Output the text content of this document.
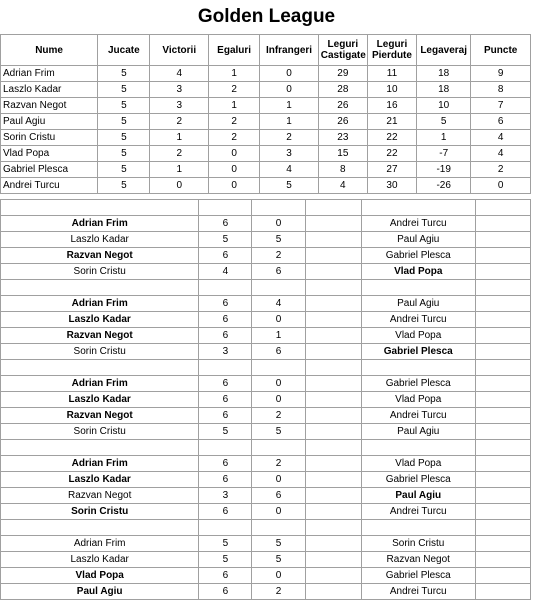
Golden League
Nume	Jucate	Victorii	Egaluri	Infrangeri	Leguri Castigate	Leguri Pierdute	Legaveraj	Puncte
Adrian Frim	5	4	1	0	29	11	18	9
Laszlo Kadar	5	3	2	0	28	10	18	8
Razvan Negot	5	3	1	1	26	16	10	7
Paul Agiu	5	2	2	1	26	21	5	6
Sorin Cristu	5	1	2	2	23	22	1	4
Vlad Popa	5	2	0	3	15	22	-7	4
Gabriel Plesca	5	1	0	4	8	27	-19	2
Andrei Turcu	5	0	0	5	4	30	-26	0

Adrian Frim	6	0		Andrei Turcu	
Laszlo Kadar	5	5		Paul Agiu	
Razvan Negot	6	2		Gabriel Plesca	
Sorin Cristu	4	6		Vlad Popa	

Adrian Frim	6	4		Paul Agiu	
Laszlo Kadar	6	0		Andrei Turcu	
Razvan Negot	6	1		Vlad Popa	
Sorin Cristu	3	6		Gabriel Plesca	

Adrian Frim	6	0		Gabriel Plesca	
Laszlo Kadar	6	0		Vlad Popa	
Razvan Negot	6	2		Andrei Turcu	
Sorin Cristu	5	5		Paul Agiu	

Adrian Frim	6	2		Vlad Popa	
Laszlo Kadar	6	0		Gabriel Plesca	
Razvan Negot	3	6		Paul Agiu	
Sorin Cristu	6	0		Andrei Turcu	

Adrian Frim	5	5		Sorin Cristu	
Laszlo Kadar	5	5		Razvan Negot	
Vlad Popa	6	0		Gabriel Plesca	
Paul Agiu	6	2		Andrei Turcu	
